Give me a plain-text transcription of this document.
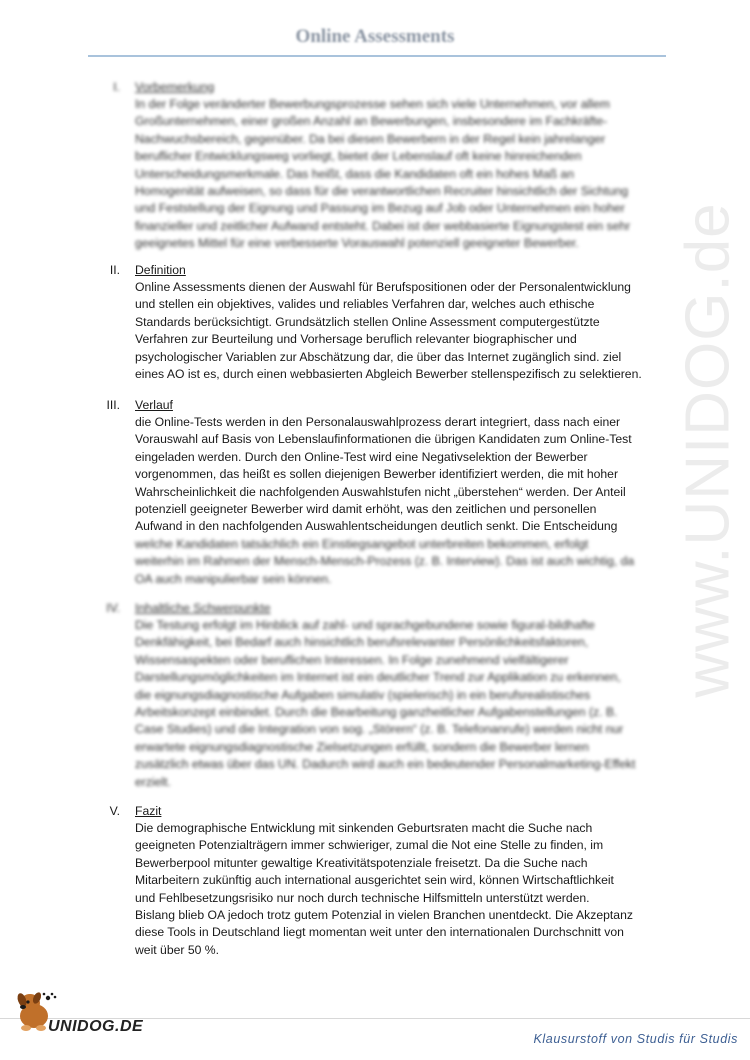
Online Assessments
www.UNIDOG.de
I. Vorbemerkung
In der Folge veränderter Bewerbungsprozesse sehen sich viele Unternehmen, vor allem
Großunternehmen, einer großen Anzahl an Bewerbungen, insbesondere im Fachkräfte-
Nachwuchsbereich, gegenüber. Da bei diesen Bewerbern in der Regel kein jahrelanger
beruflicher Entwicklungsweg vorliegt, bietet der Lebenslauf oft keine hinreichenden
Unterscheidungsmerkmale. Das heißt, dass die Kandidaten oft ein hohes Maß an
Homogenität aufweisen, so dass für die verantwortlichen Recruiter hinsichtlich der Sichtung
und Feststellung der Eignung und Passung im Bezug auf Job oder Unternehmen ein hoher
finanzieller und zeitlicher Aufwand entsteht. Dabei ist der webbasierte Eignungstest ein sehr
geeignetes Mittel für eine verbesserte Vorauswahl potenziell geeigneter Bewerber.
II. Definition
Online Assessments dienen der Auswahl für Berufspositionen oder der Personalentwicklung
und stellen ein objektives, valides und reliables Verfahren dar, welches auch ethische
Standards berücksichtigt. Grundsätzlich stellen Online Assessment computergestützte
Verfahren zur Beurteilung und Vorhersage beruflich relevanter biographischer und
psychologischer Variablen zur Abschätzung dar, die über das Internet zugänglich sind. ziel
eines AO ist es, durch einen webbasierten Abgleich Bewerber stellenspezifisch zu selektieren.
III. Verlauf
die Online-Tests werden in den Personalauswahlprozess derart integriert, dass nach einer
Vorauswahl auf Basis von Lebenslaufinformationen die übrigen Kandidaten zum Online-Test
eingeladen werden. Durch den Online-Test wird eine Negativselektion der Bewerber
vorgenommen, das heißt es sollen diejenigen Bewerber identifiziert werden, die mit hoher
Wahrscheinlichkeit die nachfolgenden Auswahlstufen nicht „überstehen“ werden. Der Anteil
potenziell geeigneter Bewerber wird damit erhöht, was den zeitlichen und personellen
Aufwand in den nachfolgenden Auswahlentscheidungen deutlich senkt. Die Entscheidung
welche Kandidaten tatsächlich ein Einstiegsangebot unterbreiten bekommen, erfolgt
weiterhin im Rahmen der Mensch-Mensch-Prozess (z. B. Interview). Das ist auch wichtig, da
OA auch manipulierbar sein können.
IV. Inhaltliche Schwerpunkte
Die Testung erfolgt im Hinblick auf zahl- und sprachgebundene sowie figural-bildhafte
Denkfähigkeit, bei Bedarf auch hinsichtlich berufsrelevanter Persönlichkeitsfaktoren,
Wissensaspekten oder beruflichen Interessen. In Folge zunehmend vielfältigerer
Darstellungsmöglichkeiten im Internet ist ein deutlicher Trend zur Applikation zu erkennen,
die eignungsdiagnostische Aufgaben simulativ (spielerisch) in ein berufsrealistisches
Arbeitskonzept einbindet. Durch die Bearbeitung ganzheitlicher Aufgabenstellungen (z. B.
Case Studies) und die Integration von sog. „Störern“ (z. B. Telefonanrufe) werden nicht nur
erwartete eignungsdiagnostische Zielsetzungen erfüllt, sondern die Bewerber lernen
zusätzlich etwas über das UN. Dadurch wird auch ein bedeutender Personalmarketing-Effekt
erzielt.
V. Fazit
Die demographische Entwicklung mit sinkenden Geburtsraten macht die Suche nach
geeigneten Potenzialträgern immer schwieriger, zumal die Not eine Stelle zu finden, im
Bewerberpool mitunter gewaltige Kreativitätspotenziale freisetzt. Da die Suche nach
Mitarbeitern zukünftig auch international ausgerichtet sein wird, können Wirtschaftlichkeit
und Fehlbesetzungsrisiko nur noch durch technische Hilfsmitteln unterstützt werden.
Bislang blieb OA jedoch trotz gutem Potenzial in vielen Branchen unentdeckt. Die Akzeptanz
diese Tools in Deutschland liegt momentan weit unter den internationalen Durchschnitt von
weit über 50 %.
UNIDOG.DE
Klausurstoff von Studis für Studis
